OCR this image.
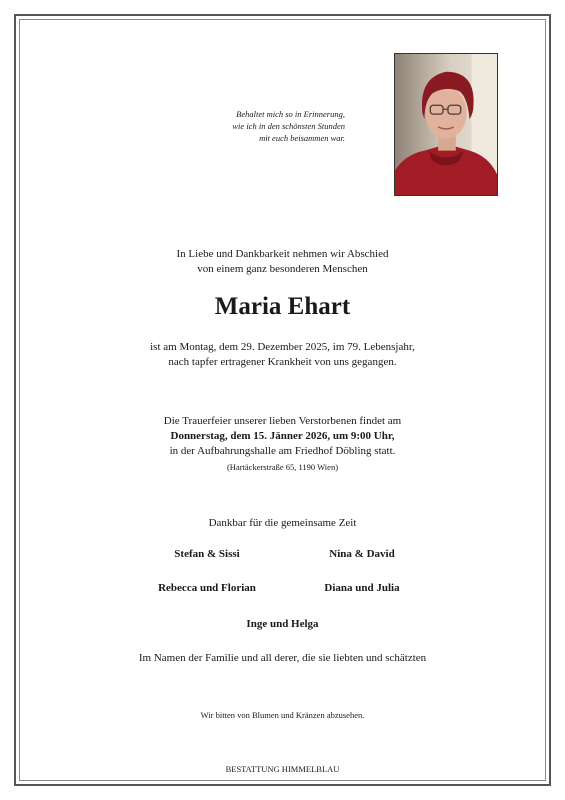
Behaltet mich so in Erinnerung,
wie ich in den schönsten Stunden
mit euch beisammen war.
In Liebe und Dankbarkeit nehmen wir Abschied
von einem ganz besonderen Menschen
Maria Ehart
ist am Montag, dem 29. Dezember 2025, im 79. Lebensjahr,
nach tapfer ertragener Krankheit von uns gegangen.
Die Trauerfeier unserer lieben Verstorbenen findet am
Donnerstag, dem 15. Jänner 2026, um 9:00 Uhr,
in der Aufbahrungshalle am Friedhof Döbling statt.
(Hartäckerstraße 65, 1190 Wien)
Dankbar für die gemeinsame Zeit
Stefan & Sissi	Nina & David
Rebecca und Florian	Diana und Julia
Inge und Helga
Im Namen der Familie und all derer, die sie liebten und schätzten
Wir bitten von Blumen und Kränzen abzusehen.
BESTATTUNG HIMMELBLAU
